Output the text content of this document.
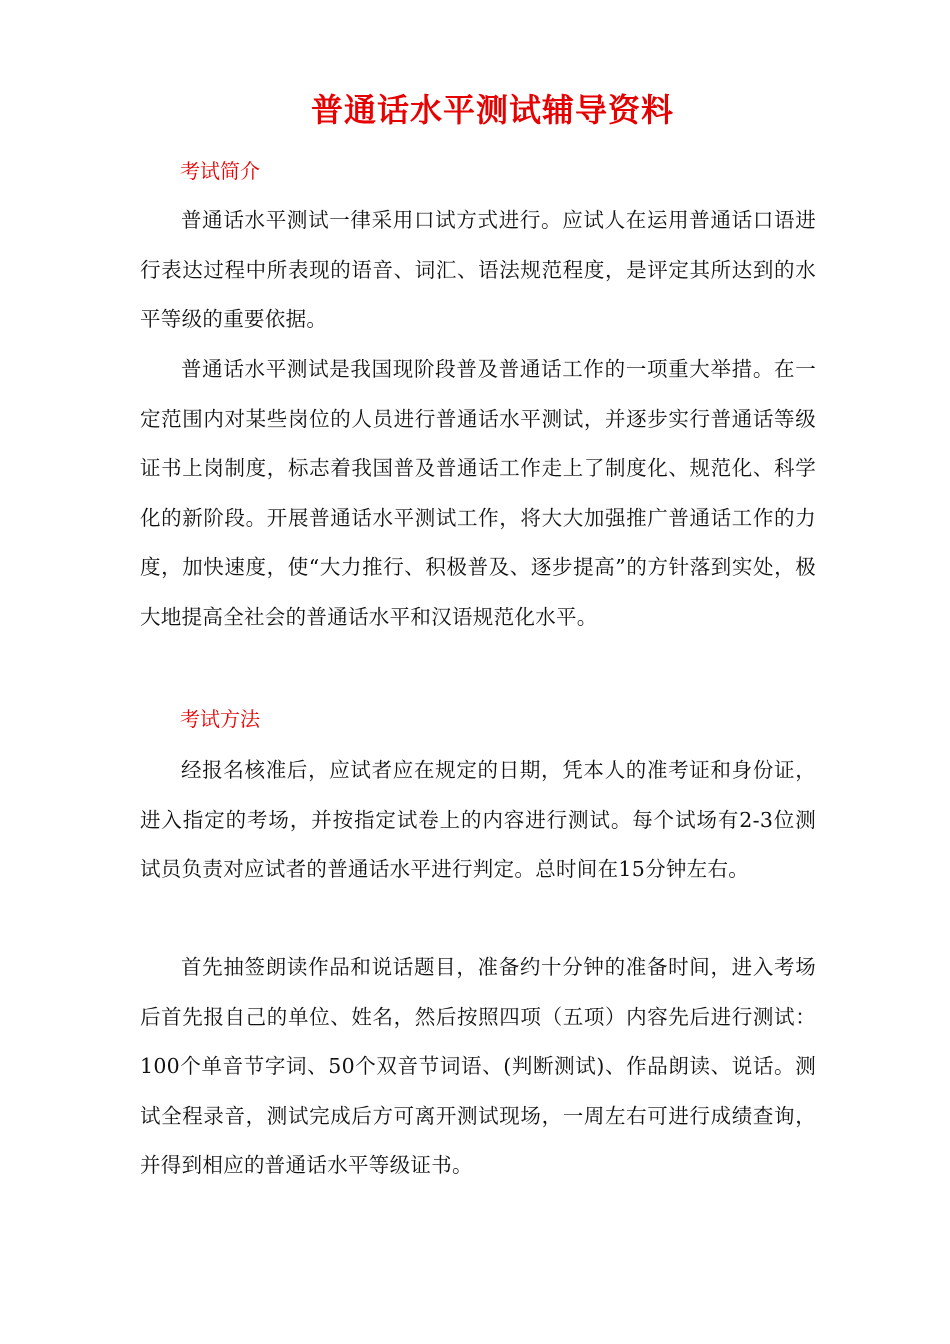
普通话水平测试辅导资料
考试简介

普通话水平测试一律采用口试方式进行。应试人在运用普通话口语进行表达过程中所表现的语音、词汇、语法规范程度，是评定其所达到的水平等级的重要依据。

普通话水平测试是我国现阶段普及普通话工作的一项重大举措。在一定范围内对某些岗位的人员进行普通话水平测试，并逐步实行普通话等级证书上岗制度，标志着我国普及普通话工作走上了制度化、规范化、科学化的新阶段。开展普通话水平测试工作，将大大加强推广普通话工作的力度，加快速度，使“大力推行、积极普及、逐步提高”的方针落到实处，极大地提高全社会的普通话水平和汉语规范化水平。

考试方法

经报名核准后，应试者应在规定的日期，凭本人的准考证和身份证，进入指定的考场，并按指定试卷上的内容进行测试。每个试场有2-3位测试员负责对应试者的普通话水平进行判定。总时间在15分钟左右。

首先抽签朗读作品和说话题目，准备约十分钟的准备时间，进入考场后首先报自己的单位、姓名，然后按照四项（五项）内容先后进行测试：100个单音节字词、50个双音节词语、(判断测试)、作品朗读、说话。测试全程录音，测试完成后方可离开测试现场，一周左右可进行成绩查询，并得到相应的普通话水平等级证书。
